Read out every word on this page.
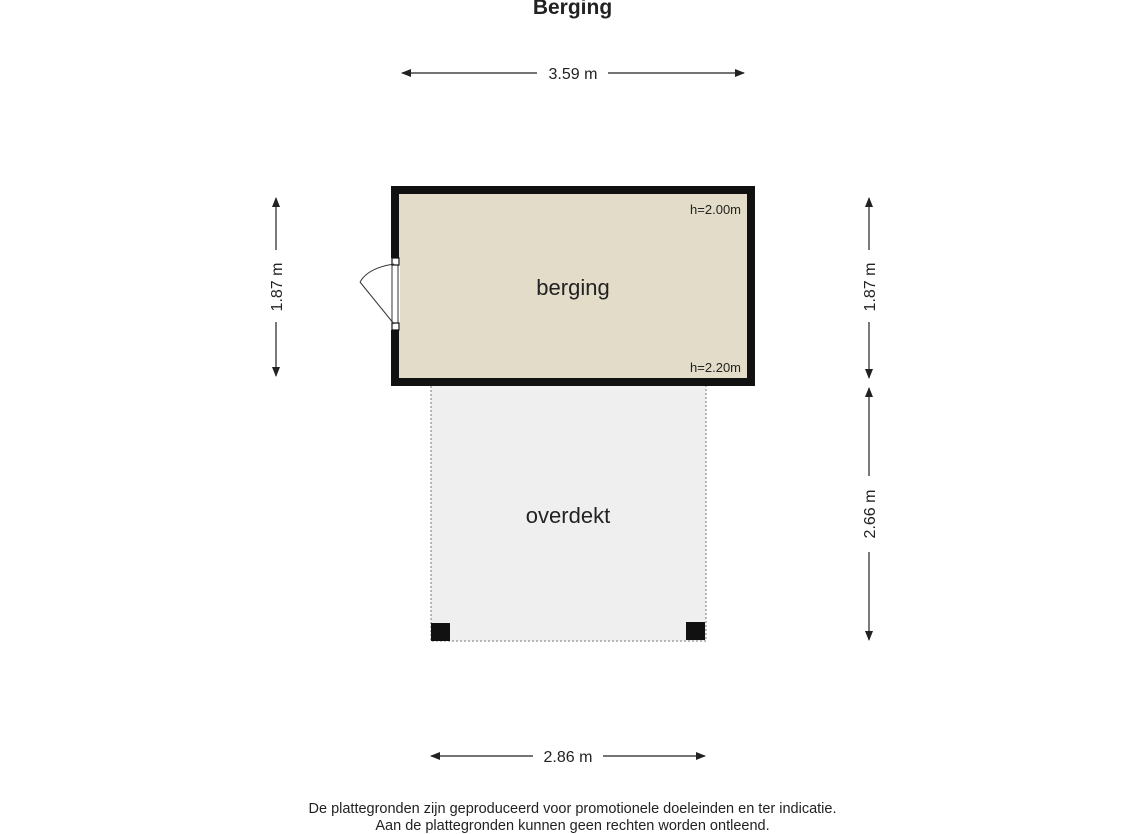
Berging
overdekt
berging
h=2.00m
h=2.20m
3.59 m
2.86 m
1.87 m	1.87 m
2.66 m
De plattegronden zijn geproduceerd voor promotionele doeleinden en ter indicatie.
Aan de plattegronden kunnen geen rechten worden ontleend.
